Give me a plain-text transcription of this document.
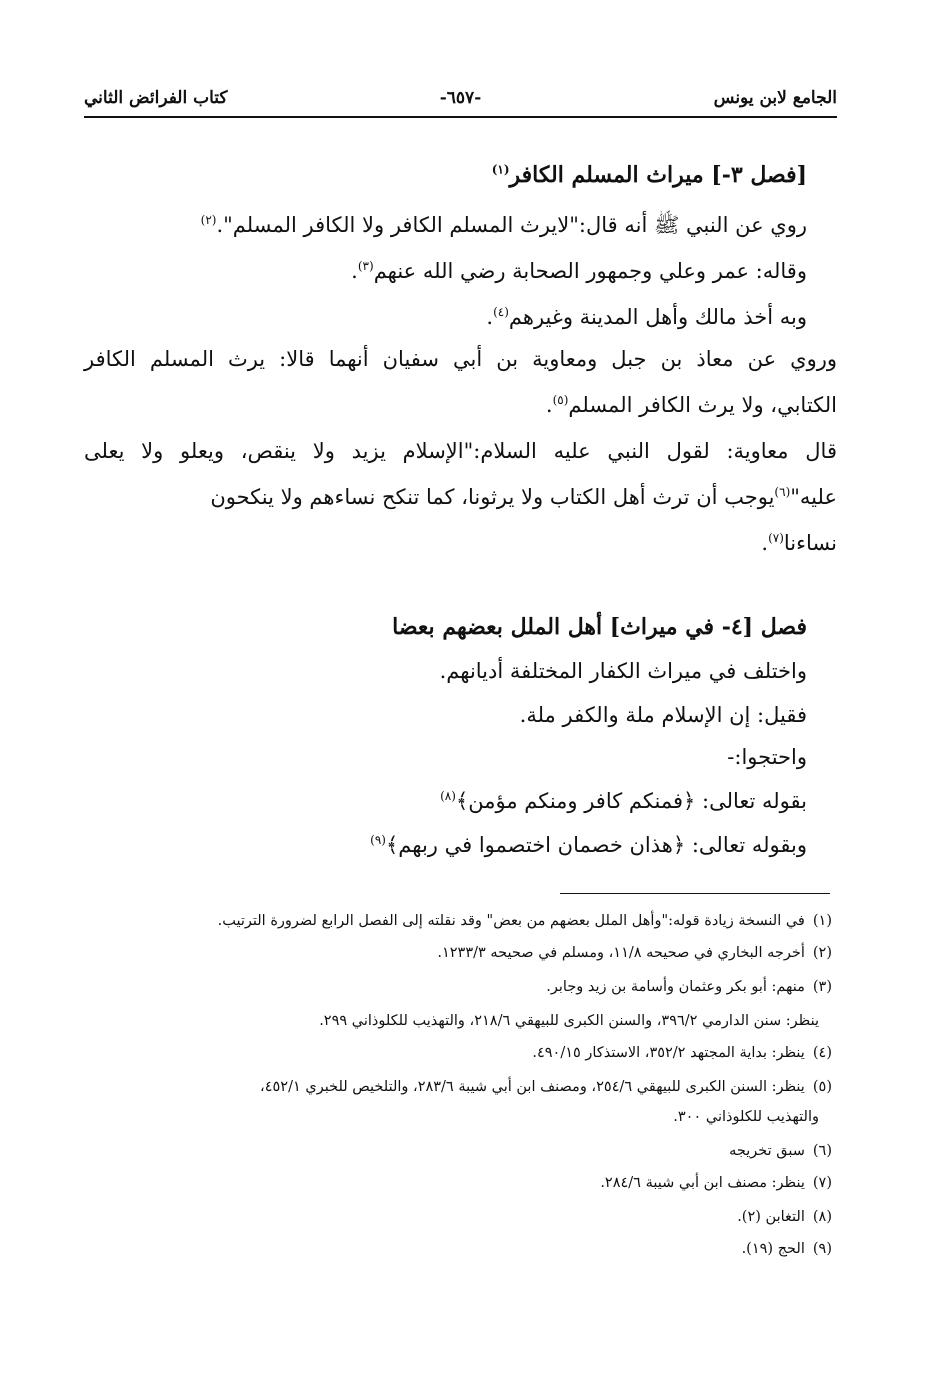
الجامع لابن يونس
-٦٥٧-
كتاب الفرائض الثاني
[فصل ٣-] ميراث المسلم الكافر$^{(١)}$
روي عن النبي ﷺ أنه قال:"لايرث المسلم الكافر ولا الكافر المسلم".$^{(٢)}$
وقاله: عمر وعلي وجمهور الصحابة رضي الله عنهم$^{(٣)}$.
وبه أخذ مالك وأهل المدينة وغيرهم$^{(٤)}$.
وروي عن معاذ بن جبل ومعاوية بن أبي سفيان أنهما قالا: يرث المسلم الكافر
الكتابي، ولا يرث الكافر المسلم$^{(٥)}$.
قال معاوية: لقول النبي عليه السلام:"الإسلام يزيد ولا ينقص، ويعلو ولا يعلى
عليه"$^{(٦)}$يوجب أن ترث أهل الكتاب ولا يرثونا، كما تنكح نساءهم ولا ينكحون
نساءنا$^{(٧)}$.
فصل [٤- في ميراث] أهل الملل بعضهم بعضا
واختلف في ميراث الكفار المختلفة أديانهم.
فقيل: إن الإسلام ملة والكفر ملة.
واحتجوا:-
بقوله تعالى: ﴿فمنكم كافر ومنكم مؤمن﴾$^{(٨)}$
وبقوله تعالى: ﴿هذان خصمان اختصموا في ربهم﴾$^{(٩)}$
(١)في النسخة زيادة قوله:"وأهل الملل بعضهم من بعض" وقد نقلته إلى الفصل الرابع لضرورة الترتيب.
(٢)أخرجه البخاري في صحيحه ١١/٨، ومسلم في صحيحه ١٢٣٣/٣.
(٣)منهم: أبو بكر وعثمان وأسامة بن زيد وجابر.
ينظر: سنن الدارمي ٣٩٦/٢، والسنن الكبرى للبيهقي ٢١٨/٦، والتهذيب للكلوذاني ٢٩٩.
(٤)ينظر: بداية المجتهد ٣٥٢/٢، الاستذكار ٤٩٠/١٥.
(٥)ينظر: السنن الكبرى للبيهقي ٢٥٤/٦، ومصنف ابن أبي شيبة ٢٨٣/٦، والتلخيص للخبري ٤٥٢/١،
والتهذيب للكلوذاني ٣٠٠.
(٦)سبق تخريجه
(٧)ينظر: مصنف ابن أبي شيبة ٢٨٤/٦.
(٨)التغابن (٢).
(٩)الحج (١٩).
